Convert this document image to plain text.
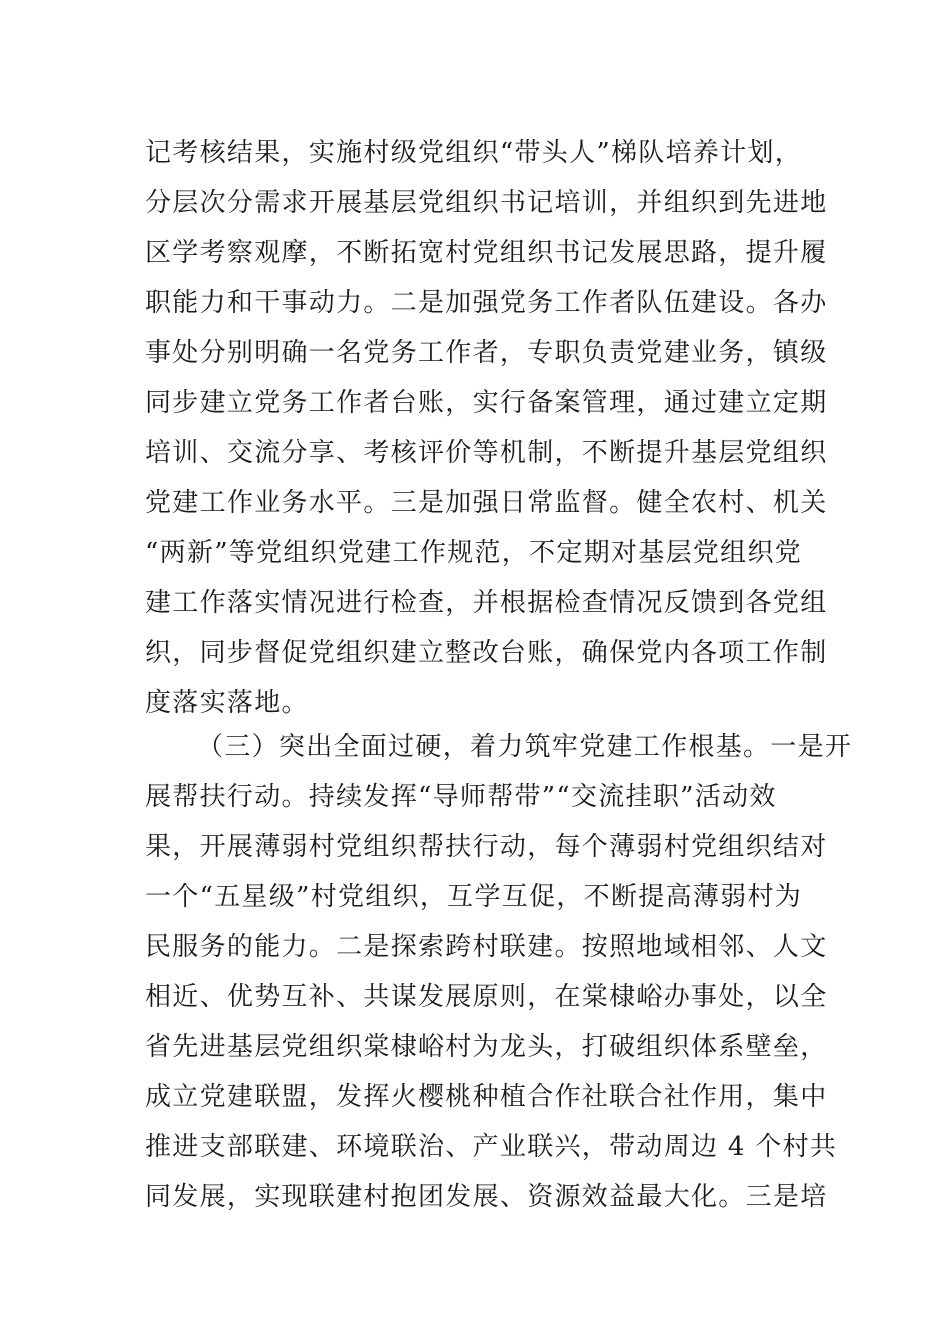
记考核结果，实施村级党组织“带头人”梯队培养计划，
分层次分需求开展基层党组织书记培训，并组织到先进地
区学考察观摩，不断拓宽村党组织书记发展思路，提升履
职能力和干事动力。二是加强党务工作者队伍建设。各办
事处分别明确一名党务工作者，专职负责党建业务，镇级
同步建立党务工作者台账，实行备案管理，通过建立定期
培训、交流分享、考核评价等机制，不断提升基层党组织
党建工作业务水平。三是加强日常监督。健全农村、机关
“两新”等党组织党建工作规范，不定期对基层党组织党
建工作落实情况进行检查，并根据检查情况反馈到各党组
织，同步督促党组织建立整改台账，确保党内各项工作制
度落实落地。
（三）突出全面过硬，着力筑牢党建工作根基。一是开
展帮扶行动。持续发挥“导师帮带”“交流挂职”活动效
果，开展薄弱村党组织帮扶行动，每个薄弱村党组织结对
一个“五星级”村党组织，互学互促，不断提高薄弱村为
民服务的能力。二是探索跨村联建。按照地域相邻、人文
相近、优势互补、共谋发展原则，在棠棣峪办事处，以全
省先进基层党组织棠棣峪村为龙头，打破组织体系壁垒，
成立党建联盟，发挥火樱桃种植合作社联合社作用，集中
推进支部联建、环境联治、产业联兴，带动周边 4 个村共
同发展，实现联建村抱团发展、资源效益最大化。三是培
